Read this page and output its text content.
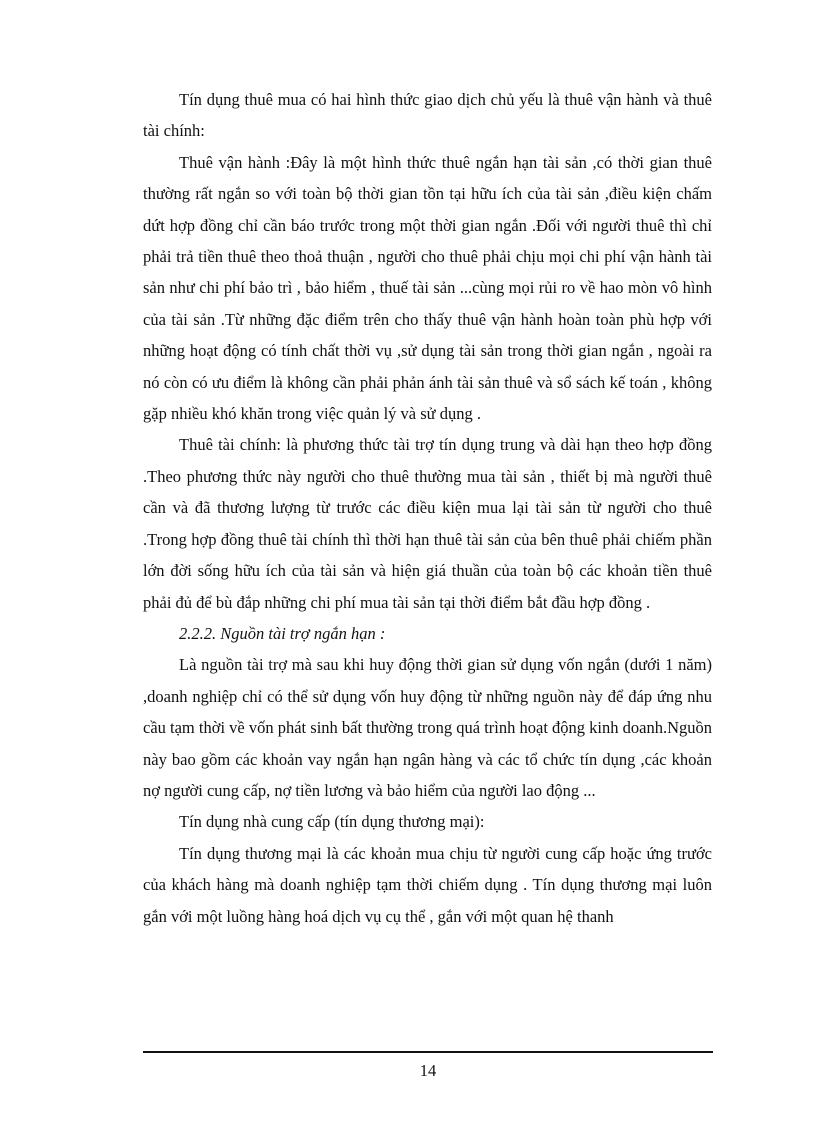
Tín dụng thuê mua có hai hình thức giao dịch chủ yếu là thuê vận hành và thuê tài chính:

Thuê vận hành :Đây là một hình thức thuê ngắn hạn tài sản ,có thời gian thuê thường rất ngắn so với toàn bộ thời gian tồn tại hữu ích của tài sản ,điều kiện chấm dứt hợp đồng chỉ cần báo trước trong một thời gian ngắn .Đối với người thuê thì chỉ phải trả tiền thuê theo thoả thuận , người cho thuê phải chịu mọi chi phí vận hành tài sản như chi phí bảo trì , bảo hiểm , thuế tài sản ...cùng mọi rủi ro về hao mòn vô hình của tài sản .Từ những đặc điểm trên cho thấy thuê vận hành hoàn toàn phù hợp với những hoạt động có tính chất thời vụ ,sử dụng tài sản trong thời gian ngắn , ngoài ra nó còn có ưu điểm là không cần phải phản ánh tài sản thuê và sổ sách kế toán , không gặp nhiều khó khăn trong việc quản lý và sử dụng .

Thuê tài chính: là phương thức tài trợ tín dụng trung và dài hạn theo hợp đồng .Theo phương thức này người cho thuê thường mua tài sản , thiết bị mà người thuê cần và đã thương lượng từ trước các điều kiện mua lại tài sản từ người cho thuê .Trong hợp đồng thuê tài chính thì thời hạn thuê tài sản của bên thuê phải chiếm phần lớn đời sống hữu ích của tài sản và hiện giá thuần của toàn bộ các khoản tiền thuê phải đủ để bù đắp những chi phí mua tài sản tại thời điểm bắt đầu hợp đồng .

2.2.2. Nguồn tài trợ ngắn hạn :

Là nguồn tài trợ mà sau khi huy động thời gian sử dụng vốn ngắn (dưới 1 năm) ,doanh nghiệp chỉ có thể sử dụng vốn huy động từ những nguồn này để đáp ứng nhu cầu tạm thời về vốn phát sinh bất thường trong quá trình hoạt động kinh doanh.Nguồn này bao gồm các khoản vay ngắn hạn ngân hàng và các tổ chức tín dụng ,các khoản nợ người cung cấp, nợ tiền lương và bảo hiểm của người lao động ...

Tín dụng nhà cung cấp (tín dụng thương mại):

Tín dụng thương mại là các khoản mua chịu từ người cung cấp hoặc ứng trước của khách hàng mà doanh nghiệp tạm thời chiếm dụng . Tín dụng thương mại luôn gắn với một luồng hàng hoá dịch vụ cụ thể , gắn với một quan hệ thanh

14
